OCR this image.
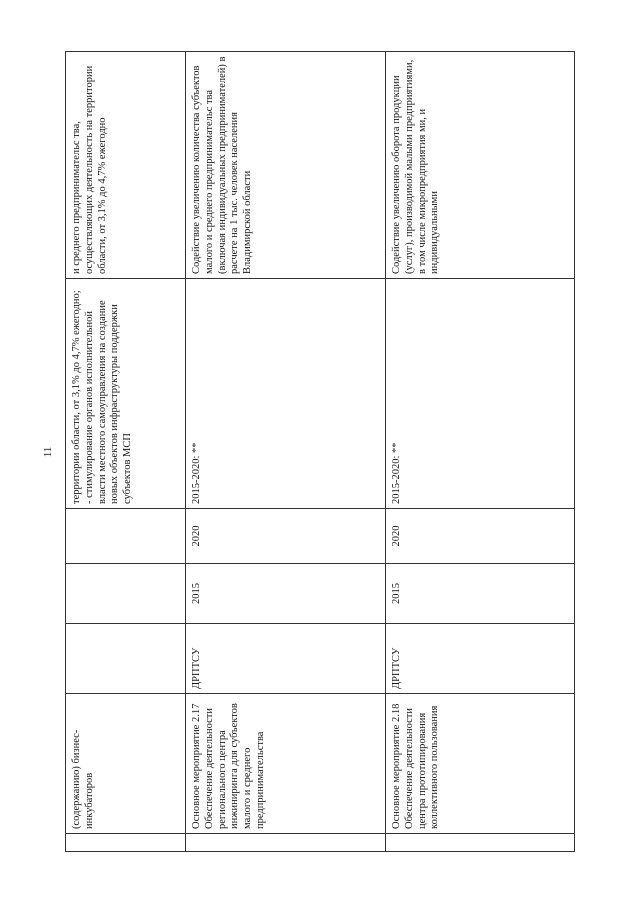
11

	(содержанию) бизнес-инкубаторов				территории области, от 3,1% до 4,7% ежегодно; - стимулирование органов исполнительной власти местного самоуправления на создание новых объектов инфраструктуры поддержки субъектов МСП	и среднего предпринимательс тва, осуществляющих деятельность на территории области, от 3,1% до 4,7% ежегодно

	Основное мероприятие 2.17 Обеспечение деятельности регионального центра инжиниринга для субъектов малого и среднего предпринимательства	ДРПТСУ	2015	2020	2015-2020: **	Содействие увеличению количества субъектов малого и среднего предпринимательс тва (включая индивидуальных предпринимателей) в расчете на 1 тыс. человек населения Владимирской области

	Основное мероприятие 2.18 Обеспечение деятельности центра прототипирования коллективного пользования	ДРПТСУ	2015	2020	2015-2020: **	Содействие увеличению оборота продукции (услуг), производимой малыми предприятиями, в том числе микропредприятия ми, и индивидуальными
